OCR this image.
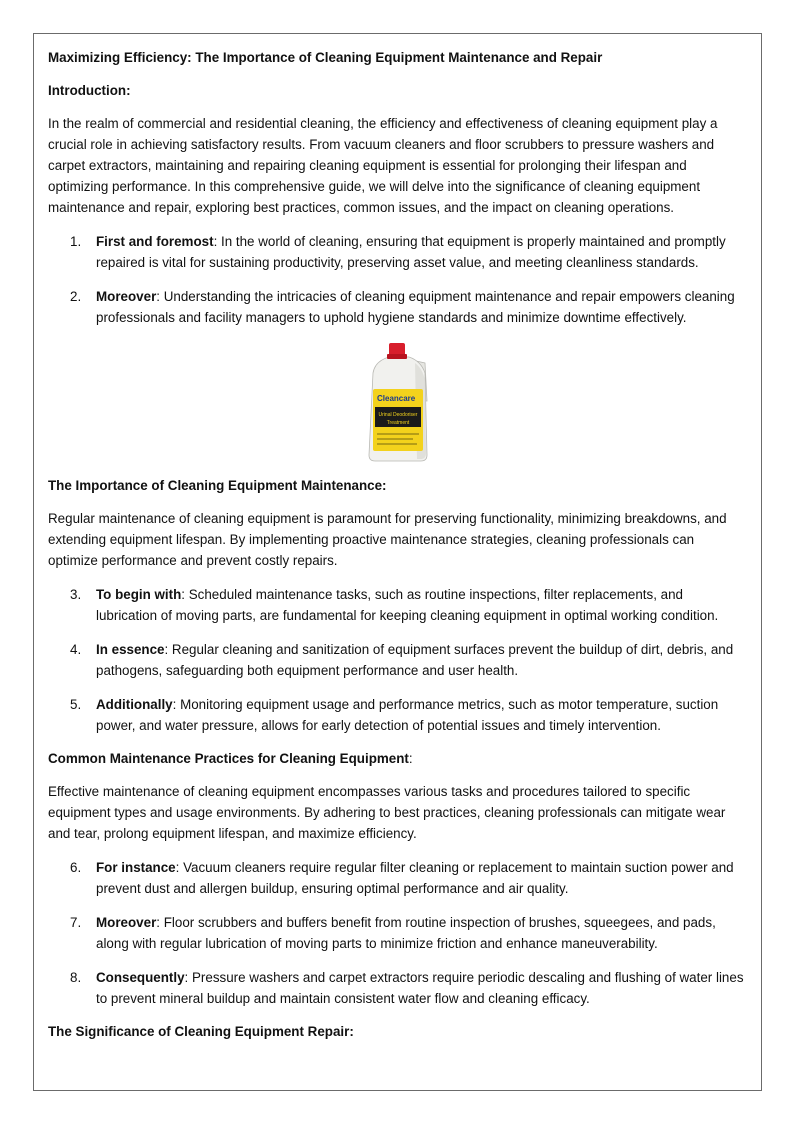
Maximizing Efficiency: The Importance of Cleaning Equipment Maintenance and Repair

Introduction:

In the realm of commercial and residential cleaning, the efficiency and effectiveness of cleaning equipment play a crucial role in achieving satisfactory results. From vacuum cleaners and floor scrubbers to pressure washers and carpet extractors, maintaining and repairing cleaning equipment is essential for prolonging their lifespan and optimizing performance. In this comprehensive guide, we will delve into the significance of cleaning equipment maintenance and repair, exploring best practices, common issues, and the impact on cleaning operations.

1. First and foremost: In the world of cleaning, ensuring that equipment is properly maintained and promptly repaired is vital for sustaining productivity, preserving asset value, and meeting cleanliness standards.
2. Moreover: Understanding the intricacies of cleaning equipment maintenance and repair empowers cleaning professionals and facility managers to uphold hygiene standards and minimize downtime effectively.
Cleancare
Urinal Deodoriser
Treatment

The Importance of Cleaning Equipment Maintenance:

Regular maintenance of cleaning equipment is paramount for preserving functionality, minimizing breakdowns, and extending equipment lifespan. By implementing proactive maintenance strategies, cleaning professionals can optimize performance and prevent costly repairs.

3. To begin with: Scheduled maintenance tasks, such as routine inspections, filter replacements, and lubrication of moving parts, are fundamental for keeping cleaning equipment in optimal working condition.
4. In essence: Regular cleaning and sanitization of equipment surfaces prevent the buildup of dirt, debris, and pathogens, safeguarding both equipment performance and user health.
5. Additionally: Monitoring equipment usage and performance metrics, such as motor temperature, suction power, and water pressure, allows for early detection of potential issues and timely intervention.

Common Maintenance Practices for Cleaning Equipment:

Effective maintenance of cleaning equipment encompasses various tasks and procedures tailored to specific equipment types and usage environments. By adhering to best practices, cleaning professionals can mitigate wear and tear, prolong equipment lifespan, and maximize efficiency.

6. For instance: Vacuum cleaners require regular filter cleaning or replacement to maintain suction power and prevent dust and allergen buildup, ensuring optimal performance and air quality.
7. Moreover: Floor scrubbers and buffers benefit from routine inspection of brushes, squeegees, and pads, along with regular lubrication of moving parts to minimize friction and enhance maneuverability.
8. Consequently: Pressure washers and carpet extractors require periodic descaling and flushing of water lines to prevent mineral buildup and maintain consistent water flow and cleaning efficacy.

The Significance of Cleaning Equipment Repair:
